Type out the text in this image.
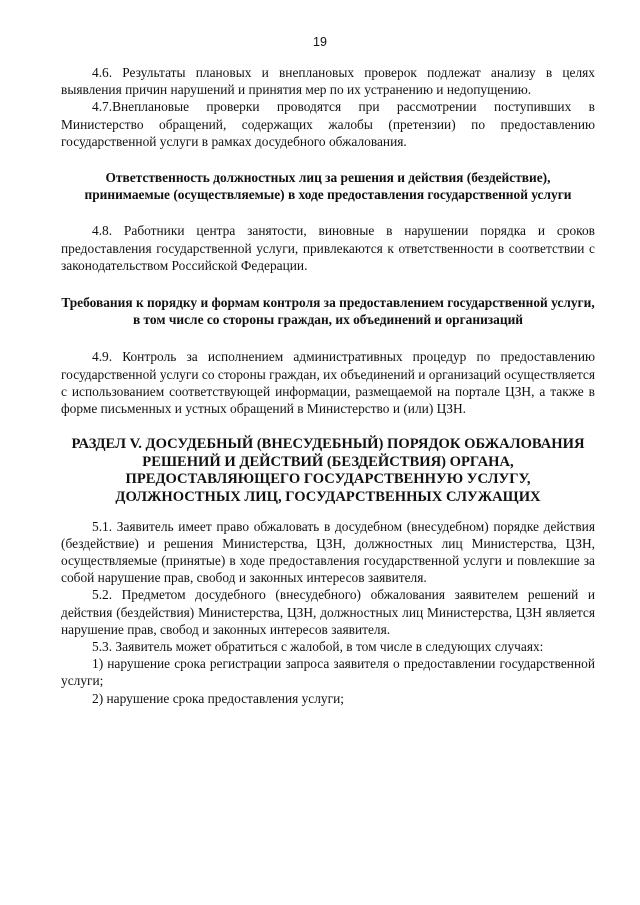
19

4.6. Результаты плановых и внеплановых проверок подлежат анализу в целях выявления причин нарушений и принятия мер по их устранению и недопущению.

4.7.Внеплановые проверки проводятся при рассмотрении поступивших в Министерство обращений, содержащих жалобы (претензии) по предоставлению государственной услуги в рамках досудебного обжалования.

Ответственность должностных лиц за решения и действия (бездействие), принимаемые (осуществляемые) в ходе предоставления государственной услуги

4.8. Работники центра занятости, виновные в нарушении порядка и сроков предоставления государственной услуги, привлекаются к ответственности в соответствии с законодательством Российской Федерации.

Требования к порядку и формам контроля за предоставлением государственной услуги, в том числе со стороны граждан, их объединений и организаций

4.9. Контроль за исполнением административных процедур по предоставлению государственной услуги со стороны граждан, их объединений и организаций осуществляется с использованием соответствующей информации, размещаемой на портале ЦЗН, а также в форме письменных и устных обращений в Министерство и (или) ЦЗН.

РАЗДЕЛ V. ДОСУДЕБНЫЙ (ВНЕСУДЕБНЫЙ) ПОРЯДОК ОБЖАЛОВАНИЯ РЕШЕНИЙ И ДЕЙСТВИЙ (БЕЗДЕЙСТВИЯ) ОРГАНА, ПРЕДОСТАВЛЯЮЩЕГО ГОСУДАРСТВЕННУЮ УСЛУГУ, ДОЛЖНОСТНЫХ ЛИЦ, ГОСУДАРСТВЕННЫХ СЛУЖАЩИХ

5.1. Заявитель имеет право обжаловать в досудебном (внесудебном) порядке действия (бездействие) и решения Министерства, ЦЗН, должностных лиц Министерства, ЦЗН, осуществляемые (принятые) в ходе предоставления государственной услуги и повлекшие за собой нарушение прав, свобод и законных интересов заявителя.

5.2. Предметом досудебного (внесудебного) обжалования заявителем решений и действия (бездействия) Министерства, ЦЗН, должностных лиц Министерства, ЦЗН является нарушение прав, свобод и законных интересов заявителя.

5.3. Заявитель может обратиться с жалобой, в том числе в следующих случаях:

1) нарушение срока регистрации запроса заявителя о предоставлении государственной услуги;

2) нарушение срока предоставления услуги;
